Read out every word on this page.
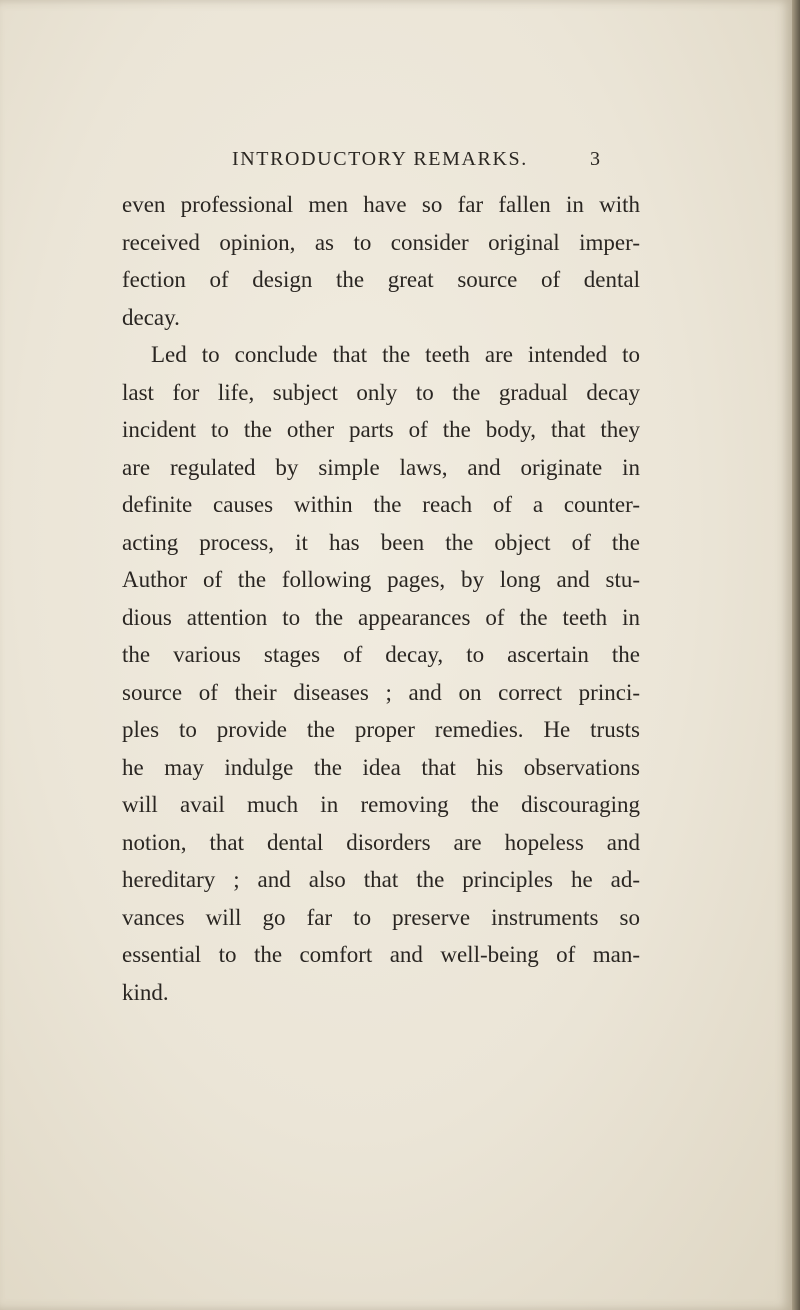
INTRODUCTORY REMARKS.	3
even professional men have so far fallen in with
received opinion, as to consider original imper-
fection of design the great source of dental
decay.
Led to conclude that the teeth are intended to
last for life, subject only to the gradual decay
incident to the other parts of the body, that they
are regulated by simple laws, and originate in
definite causes within the reach of a counter-
acting process, it has been the object of the
Author of the following pages, by long and stu-
dious attention to the appearances of the teeth in
the various stages of decay, to ascertain the
source of their diseases ; and on correct princi-
ples to provide the proper remedies. He trusts
he may indulge the idea that his observations
will avail much in removing the discouraging
notion, that dental disorders are hopeless and
hereditary ; and also that the principles he ad-
vances will go far to preserve instruments so
essential to the comfort and well-being of man-
kind.
